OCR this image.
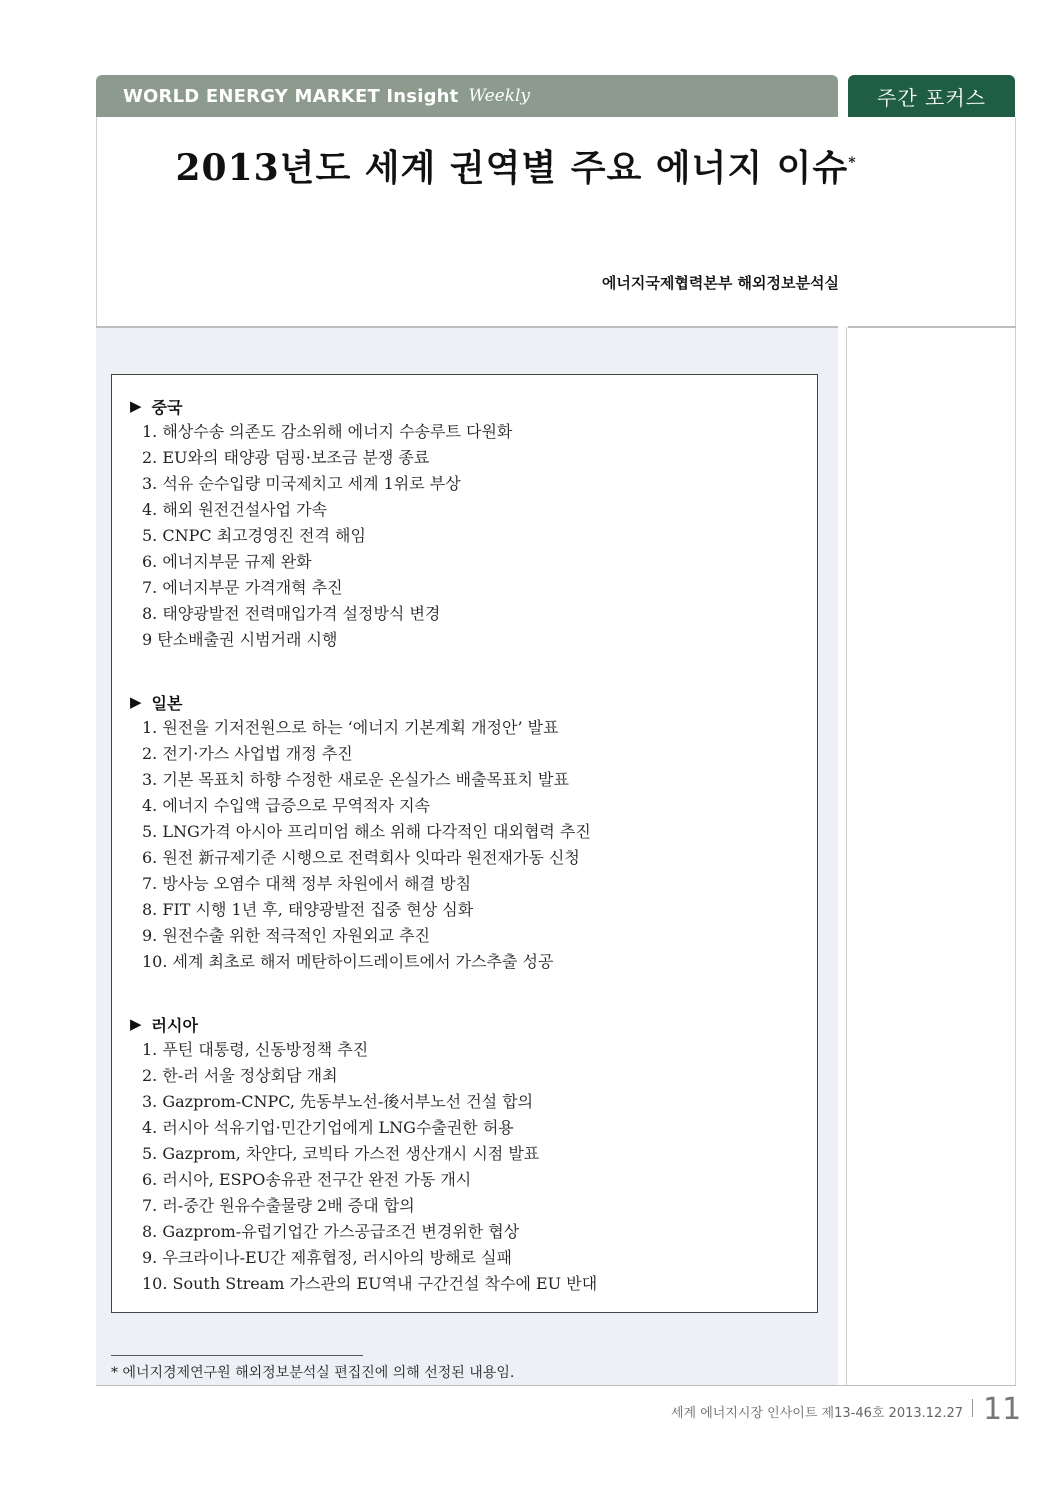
WORLD ENERGY MARKET Insight Weekly	주간 포커스
2013년도 세계 권역별 주요 에너지 이슈*
에너지국제협력본부 해외정보분석실
▶ 중국
1. 해상수송 의존도 감소위해 에너지 수송루트 다원화
2. EU와의 태양광 덤핑·보조금 분쟁 종료
3. 석유 순수입량 미국제치고 세계 1위로 부상
4. 해외 원전건설사업 가속
5. CNPC 최고경영진 전격 해임
6. 에너지부문 규제 완화
7. 에너지부문 가격개혁 추진
8. 태양광발전 전력매입가격 설정방식 변경
9 탄소배출권 시범거래 시행
▶ 일본
1. 원전을 기저전원으로 하는 ‘에너지 기본계획 개정안’ 발표
2. 전기·가스 사업법 개정 추진
3. 기본 목표치 하향 수정한 새로운 온실가스 배출목표치 발표
4. 에너지 수입액 급증으로 무역적자 지속
5. LNG가격 아시아 프리미엄 해소 위해 다각적인 대외협력 추진
6. 원전 新규제기준 시행으로 전력회사 잇따라 원전재가동 신청
7. 방사능 오염수 대책 정부 차원에서 해결 방침
8. FIT 시행 1년 후, 태양광발전 집중 현상 심화
9. 원전수출 위한 적극적인 자원외교 추진
10. 세계 최초로 해저 메탄하이드레이트에서 가스추출 성공
▶ 러시아
1. 푸틴 대통령, 신동방정책 추진
2. 한-러 서울 정상회담 개최
3. Gazprom-CNPC, 先동부노선-後서부노선 건설 합의
4. 러시아 석유기업·민간기업에게 LNG수출권한 허용
5. Gazprom, 차얀다, 코빅타 가스전 생산개시 시점 발표
6. 러시아, ESPO송유관 전구간 완전 가동 개시
7. 러-중간 원유수출물량 2배 증대 합의
8. Gazprom-유럽기업간 가스공급조건 변경위한 협상
9. 우크라이나-EU간 제휴협정, 러시아의 방해로 실패
10. South Stream 가스관의 EU역내 구간건설 착수에 EU 반대
* 에너지경제연구원 해외정보분석실 편집진에 의해 선정된 내용임.
세계 에너지시장 인사이트 제13-46호 2013.12.27 11
